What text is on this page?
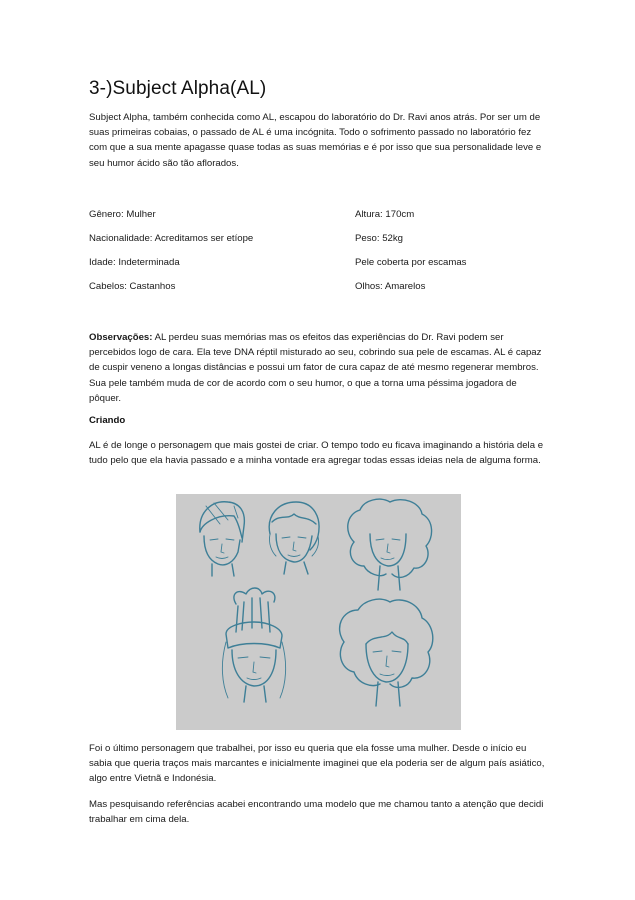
3-)Subject Alpha(AL)

Subject Alpha, também conhecida como AL, escapou do laboratório do Dr. Ravi anos atrás. Por ser um de suas primeiras cobaias, o passado de AL é uma incógnita. Todo o sofrimento passado no laboratório fez com que a sua mente apagasse quase todas as suas memórias e é por isso que sua personalidade leve e seu humor ácido são tão aflorados.

Gênero: Mulher	Altura: 170cm

Nacionalidade: Acreditamos ser etíope	Peso: 52kg

Idade: Indeterminada	Pele coberta por escamas

Cabelos: Castanhos	Olhos: Amarelos

Observações: AL perdeu suas memórias mas os efeitos das experiências do Dr. Ravi podem ser percebidos logo de cara. Ela teve DNA réptil misturado ao seu, cobrindo sua pele de escamas. AL é capaz de cuspir veneno a longas distâncias e possui um fator de cura capaz de até mesmo regenerar membros. Sua pele também muda de cor de acordo com o seu humor, o que a torna uma péssima jogadora de pôquer.

Criando

AL é de longe o personagem que mais gostei de criar. O tempo todo eu ficava imaginando a história dela e tudo pelo que ela havia passado e a minha vontade era agregar todas essas ideias nela de alguma forma.

Foi o último personagem que trabalhei, por isso eu queria que ela fosse uma mulher. Desde o início eu sabia que queria traços mais marcantes e inicialmente imaginei que ela poderia ser de algum país asiático, algo entre Vietnã e Indonésia.

Mas pesquisando referências acabei encontrando uma modelo que me chamou tanto a atenção que decidi trabalhar em cima dela.
